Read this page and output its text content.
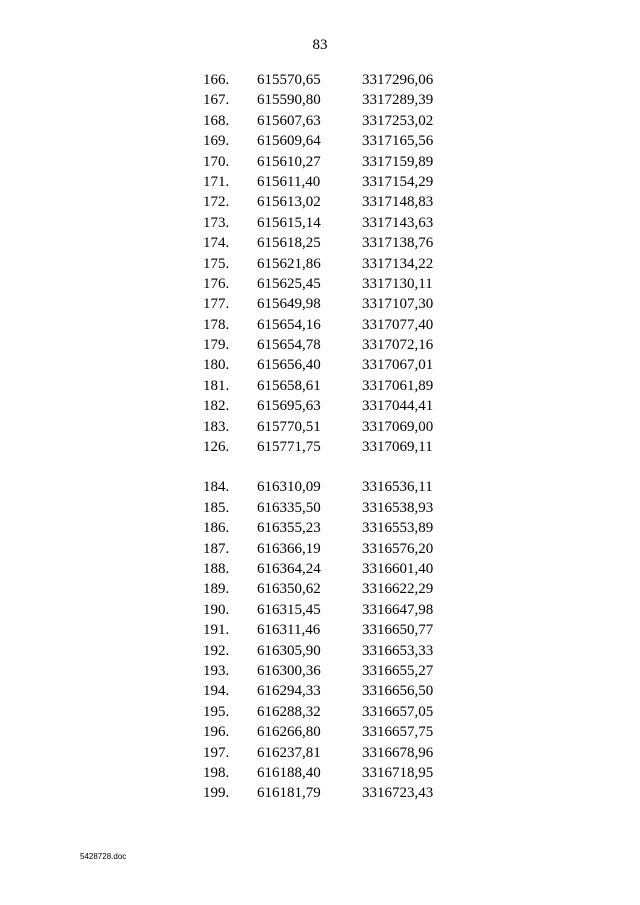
83
166. 615570,65	3317296,06
167. 615590,80	3317289,39
168. 615607,63	3317253,02
169. 615609,64	3317165,56
170. 615610,27	3317159,89
171. 615611,40	3317154,29
172. 615613,02	3317148,83
173. 615615,14	3317143,63
174. 615618,25	3317138,76
175. 615621,86	3317134,22
176. 615625,45	3317130,11
177. 615649,98	3317107,30
178. 615654,16	3317077,40
179. 615654,78	3317072,16
180. 615656,40	3317067,01
181. 615658,61	3317061,89
182. 615695,63	3317044,41
183. 615770,51	3317069,00
126. 615771,75	3317069,11
184. 616310,09	3316536,11
185. 616335,50	3316538,93
186. 616355,23	3316553,89
187. 616366,19	3316576,20
188. 616364,24	3316601,40
189. 616350,62	3316622,29
190. 616315,45	3316647,98
191. 616311,46	3316650,77
192. 616305,90	3316653,33
193. 616300,36	3316655,27
194. 616294,33	3316656,50
195. 616288,32	3316657,05
196. 616266,80	3316657,75
197. 616237,81	3316678,96
198. 616188,40	3316718,95
199. 616181,79	3316723,43
5428728.doc
